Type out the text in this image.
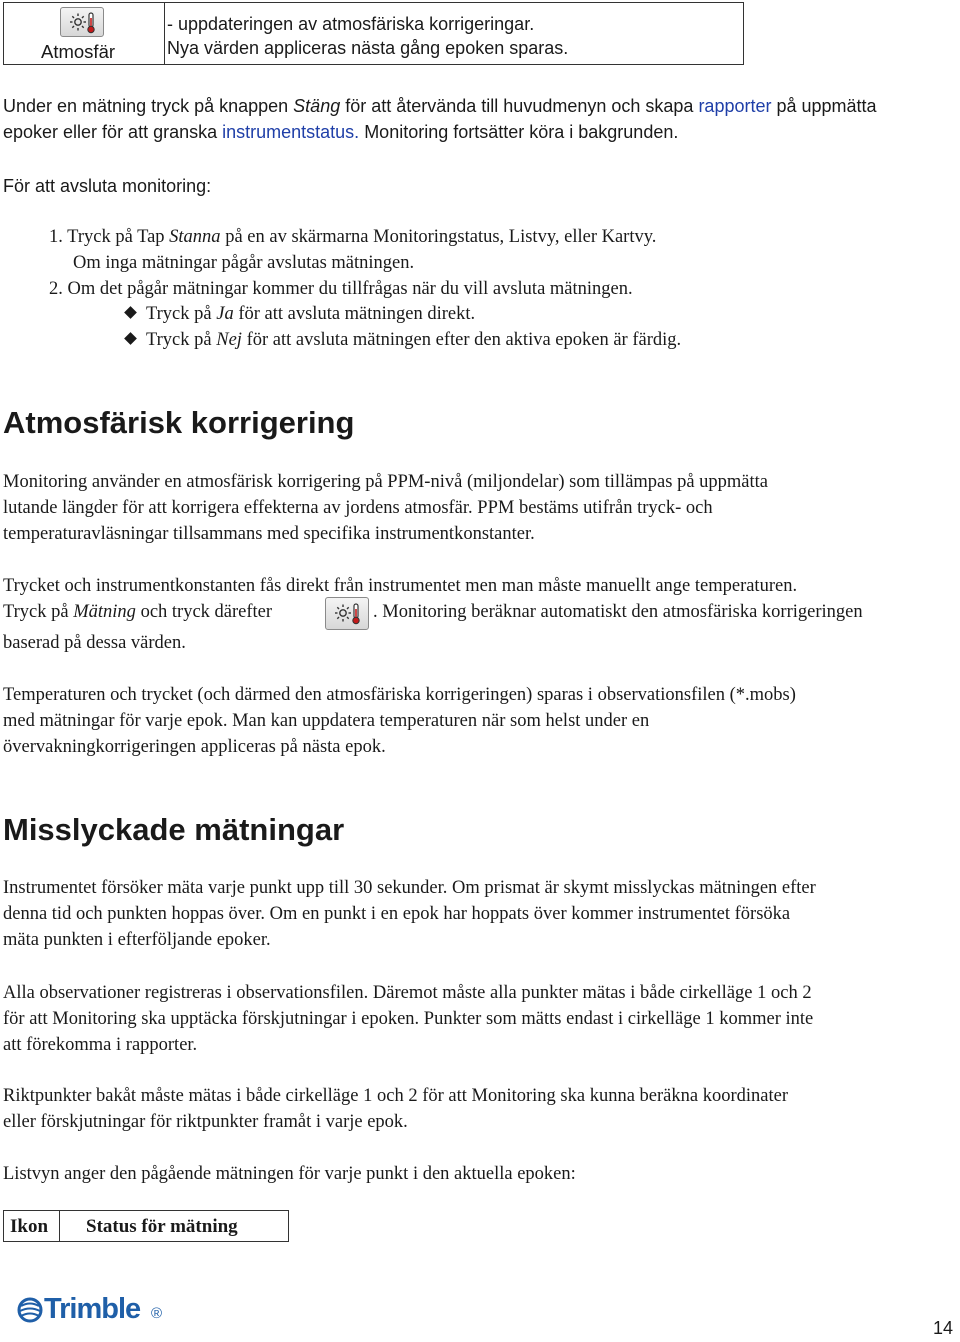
Atmosfär
- uppdateringen av atmosfäriska korrigeringar.
Nya värden appliceras nästa gång epoken sparas.
Under en mätning tryck på knappen Stäng för att återvända till huvudmenyn och skapa rapporter på uppmätta
epoker eller för att granska instrumentstatus. Monitoring fortsätter köra i bakgrunden.
För att avsluta monitoring:
1. Tryck på Tap Stanna på en av skärmarna Monitoringstatus, Listvy, eller Kartvy.
Om inga mätningar pågår avslutas mätningen.
2. Om det pågår mätningar kommer du tillfrågas när du vill avsluta mätningen.
Tryck på Ja för att avsluta mätningen direkt.
Tryck på Nej för att avsluta mätningen efter den aktiva epoken är färdig.
Atmosfärisk korrigering
Monitoring använder en atmosfärisk korrigering på PPM-nivå (miljondelar) som tillämpas på uppmätta
lutande längder för att korrigera effekterna av jordens atmosfär. PPM bestäms utifrån tryck- och
temperaturavläsningar tillsammans med specifika instrumentkonstanter.
Trycket och instrumentkonstanten fås direkt från instrumentet men man måste manuellt ange temperaturen.
Tryck på Mätning och tryck därefter	. Monitoring beräknar automatiskt den atmosfäriska korrigeringen
baserad på dessa värden.
Temperaturen och trycket (och därmed den atmosfäriska korrigeringen) sparas i observationsfilen (*.mobs)
med mätningar för varje epok. Man kan uppdatera temperaturen när som helst under en
övervakningkorrigeringen appliceras på nästa epok.
Misslyckade mätningar
Instrumentet försöker mäta varje punkt upp till 30 sekunder. Om prismat är skymt misslyckas mätningen efter
denna tid och punkten hoppas över. Om en punkt i en epok har hoppats över kommer instrumentet försöka
mäta punkten i efterföljande epoker.
Alla observationer registreras i observationsfilen. Däremot måste alla punkter mätas i både cirkelläge 1 och 2
för att Monitoring ska upptäcka förskjutningar i epoken. Punkter som mätts endast i cirkelläge 1 kommer inte
att förekomma i rapporter.
Riktpunkter bakåt måste mätas i både cirkelläge 1 och 2 för att Monitoring ska kunna beräkna koordinater
eller förskjutningar för riktpunkter framåt i varje epok.
Listvyn anger den pågående mätningen för varje punkt i den aktuella epoken:
Ikon Status för mätning
Trimble ®
14
